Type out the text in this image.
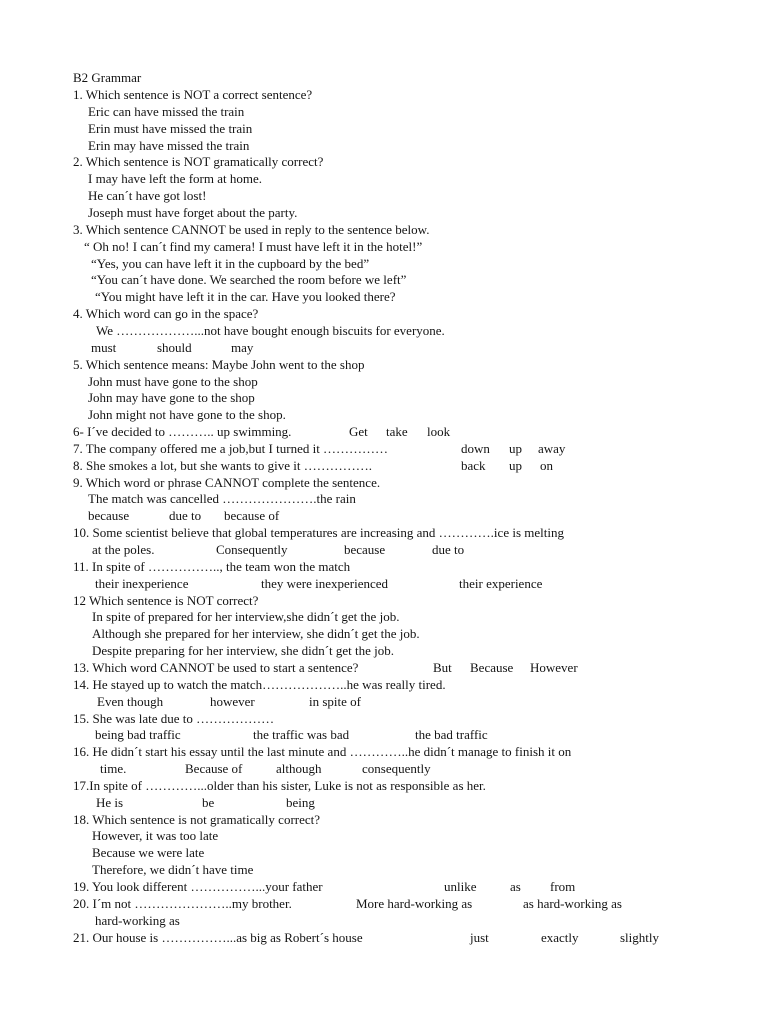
B2 Grammar
1. Which sentence is NOT a correct sentence?
Eric can have missed the train
Erin must have missed the train
Erin may have missed the train
2. Which sentence is NOT gramatically correct?
I may have left the form at home.
He can´t have got lost!
Joseph must have forget about the party.
3. Which sentence CANNOT be used in reply to the sentence below.
“ Oh no! I can´t find my camera! I must have left it in the hotel!”
“Yes, you can have left it in the cupboard by the bed”
“You can´t have done. We searched the room before we left”
“You might have left it in the car. Have you looked there?
4. Which word can go in the space?
We ………………...not have bought enough biscuits for everyone.
must	should	may
5. Which sentence means: Maybe John went to the shop
John must have gone to the shop
John may have gone to the shop
John might not have gone to the shop.
6- I´ve decided to ……….. up swimming.	Get take look
7. The company offered me a job,but I turned it ……………	down up away
8. She smokes a lot, but she wants to give it …………….	back up on
9. Which word or phrase CANNOT complete the sentence.
The match was cancelled ………………….the rain
because	due to because of
10. Some scientist believe that global temperatures are increasing and ………….ice is melting
at the poles.	Consequently	because	due to
11. In spite of …………….., the team won the match
their inexperience	they were inexperienced	their experience
12 Which sentence is NOT correct?
In spite of prepared for her interview,she didn´t get the job.
Although she prepared for her interview, she didn´t get the job.
Despite preparing for her interview, she didn´t get the job.
13. Which word CANNOT be used to start a sentence?	But Because However
14. He stayed up to watch the match………………..he was really tired.
Even though	however	in spite of
15. She was late due to ………………
being bad traffic	the traffic was bad	the bad traffic
16. He didn´t start his essay until the last minute and …………..he didn´t manage to finish it on
time.	Because of	although	consequently
17.In spite of …………...older than his sister, Luke is not as responsible as her.
He is	be	being
18. Which sentence is not gramatically correct?
However, it was too late
Because we were late
Therefore, we didn´t have time
19. You look different ……………...your father	unlike	as from
20. I´m not …………………..my brother.	More hard-working as	as hard-working as
hard-working as
21. Our house is ……………...as big as Robert´s house	just	exactly	slightly
